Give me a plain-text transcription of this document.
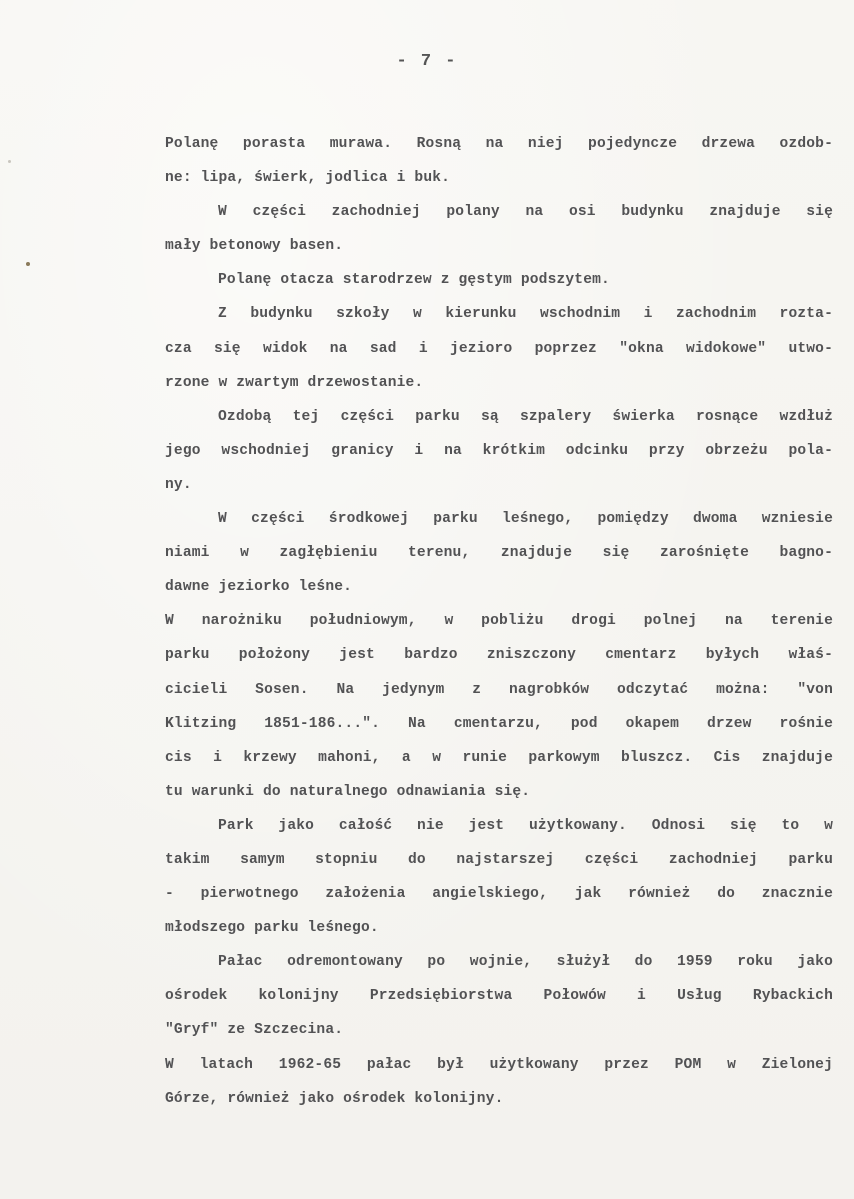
- 7 -
Polanę porasta murawa. Rosną na niej pojedyncze drzewa ozdob-
ne: lipa, świerk, jodlica i buk.
W części zachodniej polany na osi budynku znajduje się
mały betonowy basen.
Polanę otacza starodrzew z gęstym podszytem.
Z budynku szkoły w kierunku wschodnim i zachodnim rozta-
cza się widok na sad i jezioro poprzez "okna widokowe" utwo-
rzone w zwartym drzewostanie.
Ozdobą tej części parku są szpalery świerka rosnące wzdłuż
jego wschodniej granicy i na krótkim odcinku przy obrzeżu pola-
ny.
W części środkowej parku leśnego, pomiędzy dwoma wzniesie
niami w zagłębieniu terenu, znajduje się zarośnięte bagno-
dawne jeziorko leśne.
W narożniku południowym, w pobliżu drogi polnej na terenie
parku położony jest bardzo zniszczony cmentarz byłych właś-
cicieli Sosen. Na jedynym z nagrobków odczytać można: "von
Klitzing 1851-186...". Na cmentarzu, pod okapem drzew rośnie
cis i krzewy mahoni, a w runie parkowym bluszcz. Cis znajduje
tu warunki do naturalnego odnawiania się.
Park jako całość nie jest użytkowany. Odnosi się to w
takim samym stopniu do najstarszej części zachodniej parku
- pierwotnego założenia angielskiego, jak również do znacznie
młodszego parku leśnego.
Pałac odremontowany po wojnie, służył do 1959 roku jako
ośrodek kolonijny Przedsiębiorstwa Połowów i Usług Rybackich
"Gryf" ze Szczecina.
W latach 1962-65 pałac był użytkowany przez POM w Zielonej
Górze, również jako ośrodek kolonijny.
